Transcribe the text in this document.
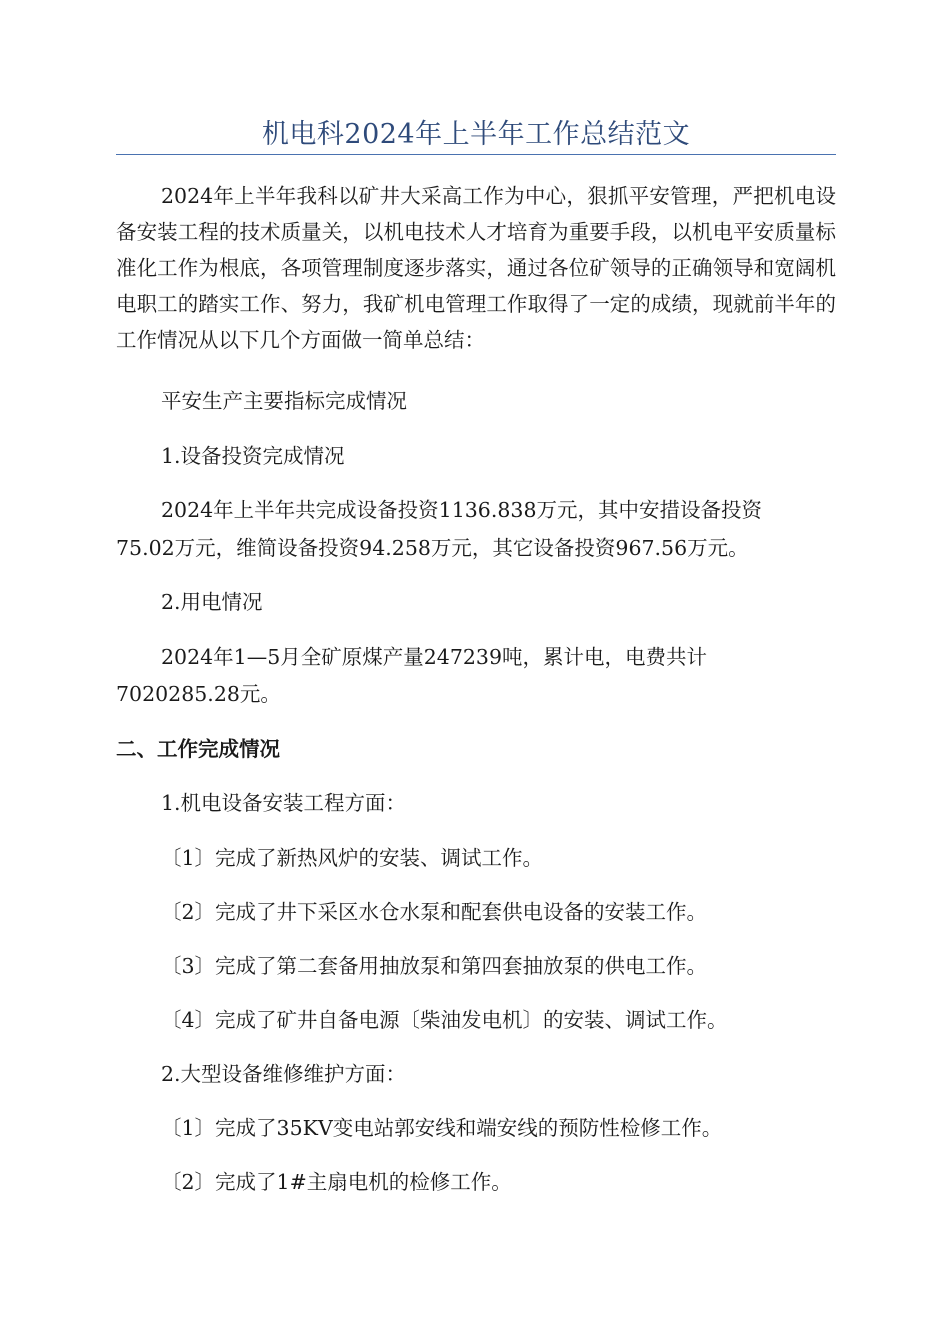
机电科2024年上半年工作总结范文

2024年上半年我科以矿井大采高工作为中心，狠抓平安管理，严把机电设备安装工程的技术质量关，以机电技术人才培育为重要手段，以机电平安质量标准化工作为根底，各项管理制度逐步落实，通过各位矿领导的正确领导和宽阔机电职工的踏实工作、努力，我矿机电管理工作取得了一定的成绩，现就前半年的工作情况从以下几个方面做一简单总结：

平安生产主要指标完成情况

1.设备投资完成情况

2024年上半年共完成设备投资1136.838万元，其中安措设备投资

75.02万元，维简设备投资94.258万元，其它设备投资967.56万元。

2.用电情况

2024年1—5月全矿原煤产量247239吨，累计电，电费共计

7020285.28元。

二、工作完成情况

1.机电设备安装工程方面：

〔1〕完成了新热风炉的安装、调试工作。

〔2〕完成了井下采区水仓水泵和配套供电设备的安装工作。

〔3〕完成了第二套备用抽放泵和第四套抽放泵的供电工作。

〔4〕完成了矿井自备电源〔柴油发电机〕的安装、调试工作。

2.大型设备维修维护方面：

〔1〕完成了35KV变电站郭安线和端安线的预防性检修工作。

〔2〕完成了1#主扇电机的检修工作。
